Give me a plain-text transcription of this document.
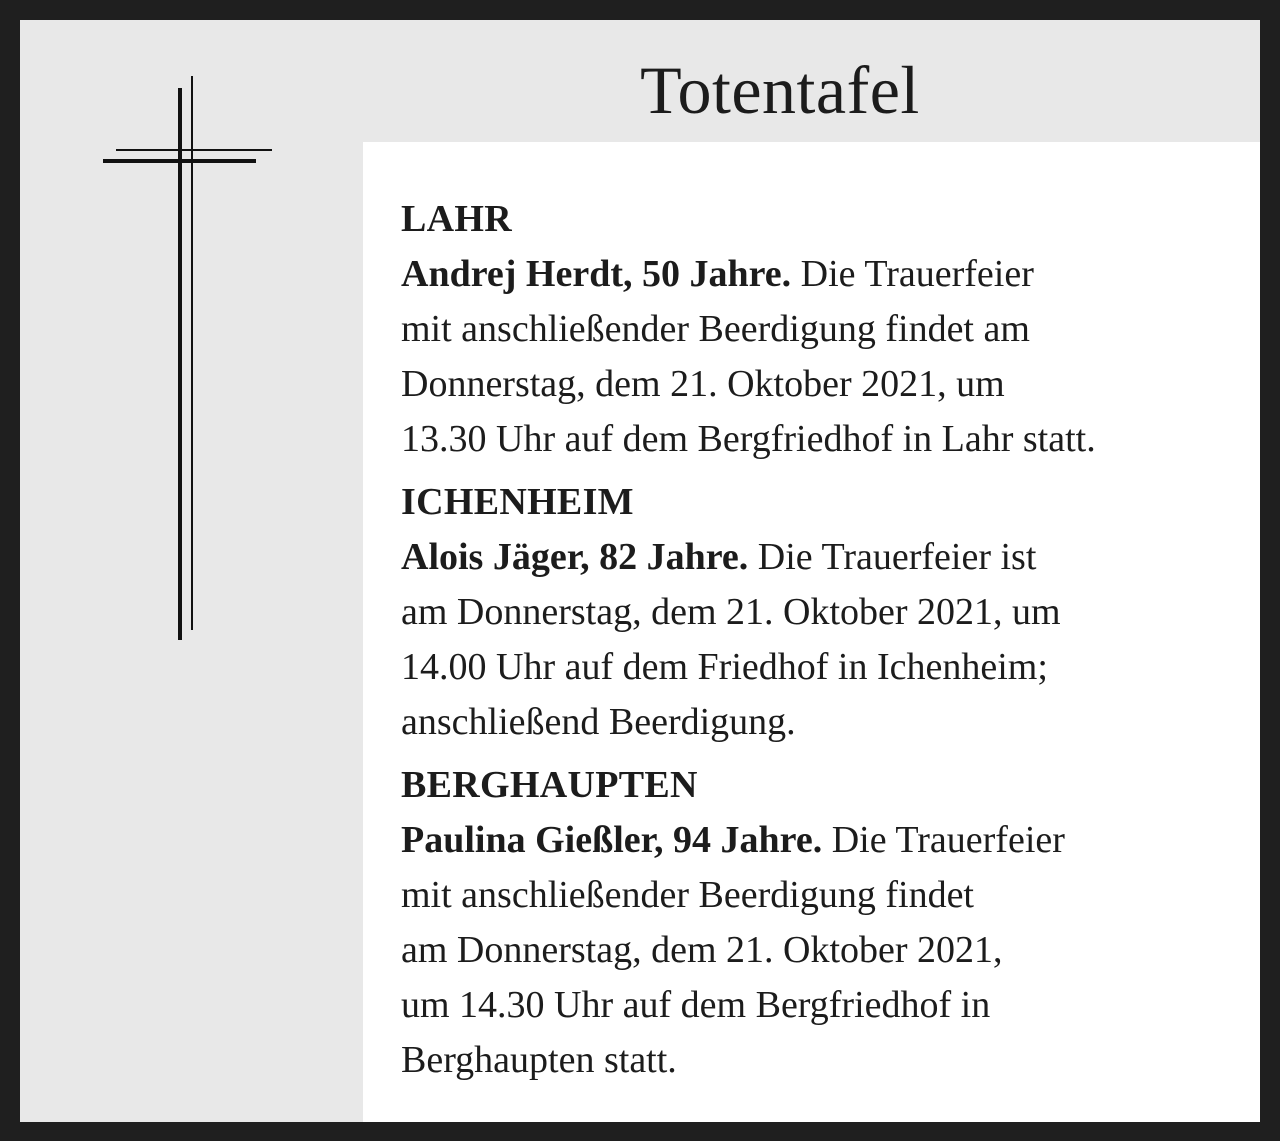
Totentafel

LAHR

Andrej Herdt, 50 Jahre. Die Trauerfeier
mit anschließender Beerdigung findet am
Donnerstag, dem 21. Oktober 2021, um
13.30 Uhr auf dem Bergfriedhof in Lahr statt.

ICHENHEIM

Alois Jäger, 82 Jahre. Die Trauerfeier ist
am Donnerstag, dem 21. Oktober 2021, um
14.00 Uhr auf dem Friedhof in Ichenheim;
anschließend Beerdigung.

BERGHAUPTEN

Paulina Gießler, 94 Jahre. Die Trauerfeier
mit anschließender Beerdigung findet
am Donnerstag, dem 21. Oktober 2021,
um 14.30 Uhr auf dem Bergfriedhof in
Berghaupten statt.
